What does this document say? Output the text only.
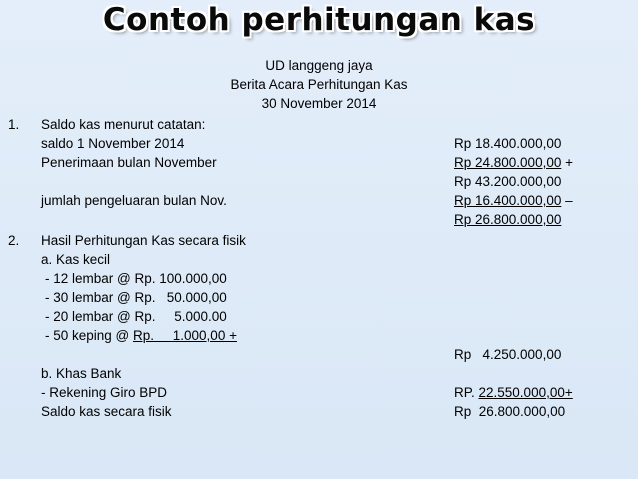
Contoh perhitungan kas
UD langgeng jaya
Berita Acara Perhitungan Kas
30 November 2014
1. Saldo kas menurut catatan:
saldo 1 November 2014	Rp 18.400.000,00
Penerimaan bulan November	Rp 24.800.000,00 +
Rp 43.200.000,00
jumlah pengeluaran bulan Nov.	Rp 16.400.000,00 –
Rp 26.800.000,00
2. Hasil Perhitungan Kas secara fisik
a. Kas kecil
- 12 lembar @ Rp. 100.000,00
- 30 lembar @ Rp.   50.000,00
- 20 lembar @ Rp.     5.000.00
- 50 keping @ Rp.     1.000,00 +
Rp   4.250.000,00
b. Khas Bank
- Rekening Giro BPD	RP. 22.550.000,00+
Saldo kas secara fisik	Rp  26.800.000,00
